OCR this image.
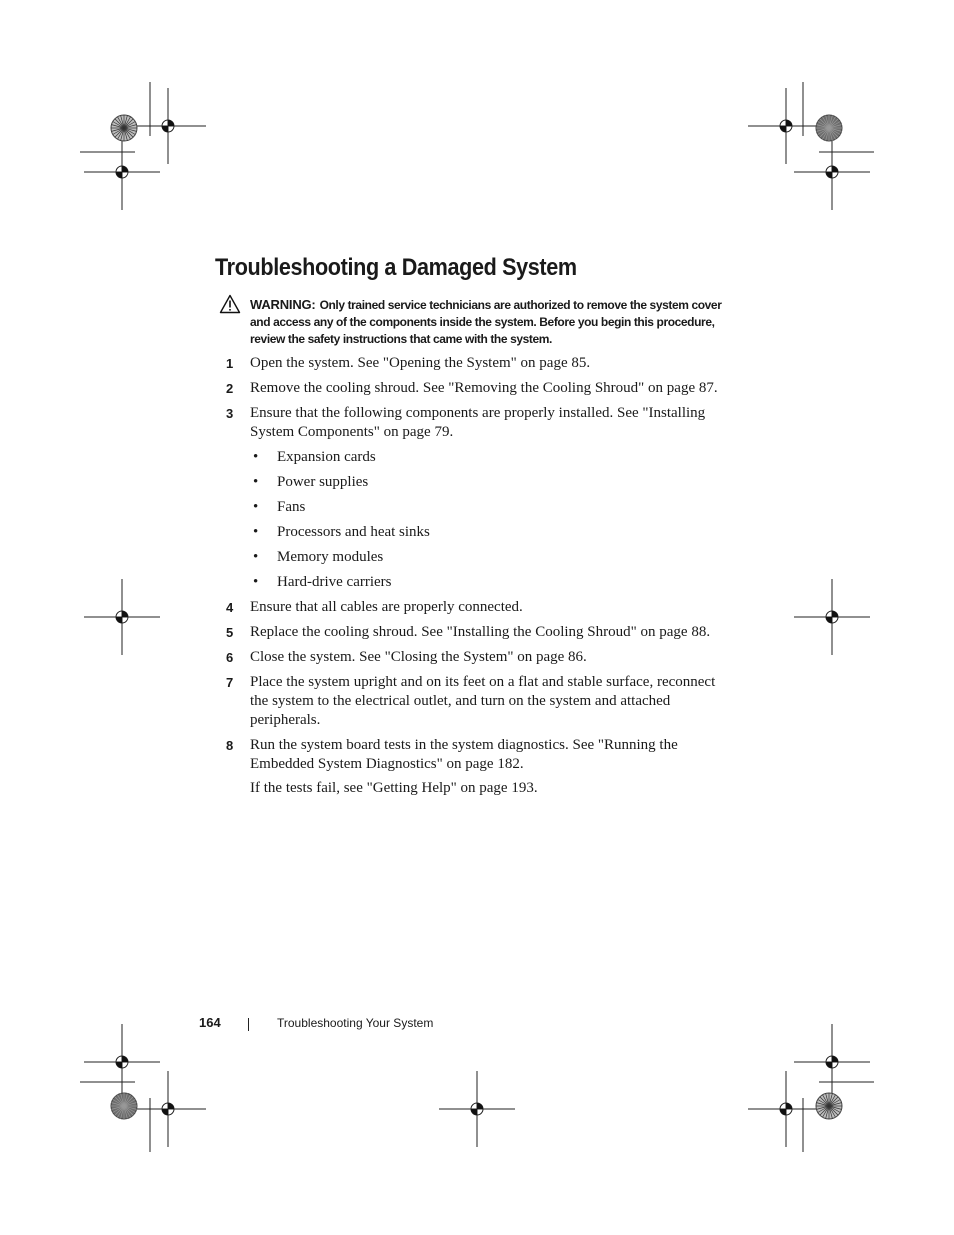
Troubleshooting a Damaged System
WARNING: Only trained service technicians are authorized to remove the system cover and access any of the components inside the system. Before you begin this procedure, review the safety instructions that came with the system.
1 Open the system. See "Opening the System" on page 85.
2 Remove the cooling shroud. See "Removing the Cooling Shroud" on page 87.
3 Ensure that the following components are properly installed. See "Installing System Components" on page 79.
• Expansion cards
• Power supplies
• Fans
• Processors and heat sinks
• Memory modules
• Hard-drive carriers
4 Ensure that all cables are properly connected.
5 Replace the cooling shroud. See "Installing the Cooling Shroud" on page 88.
6 Close the system. See "Closing the System" on page 86.
7 Place the system upright and on its feet on a flat and stable surface, reconnect the system to the electrical outlet, and turn on the system and attached peripherals.
8 Run the system board tests in the system diagnostics. See "Running the Embedded System Diagnostics" on page 182.
If the tests fail, see "Getting Help" on page 193.
164	Troubleshooting Your System
